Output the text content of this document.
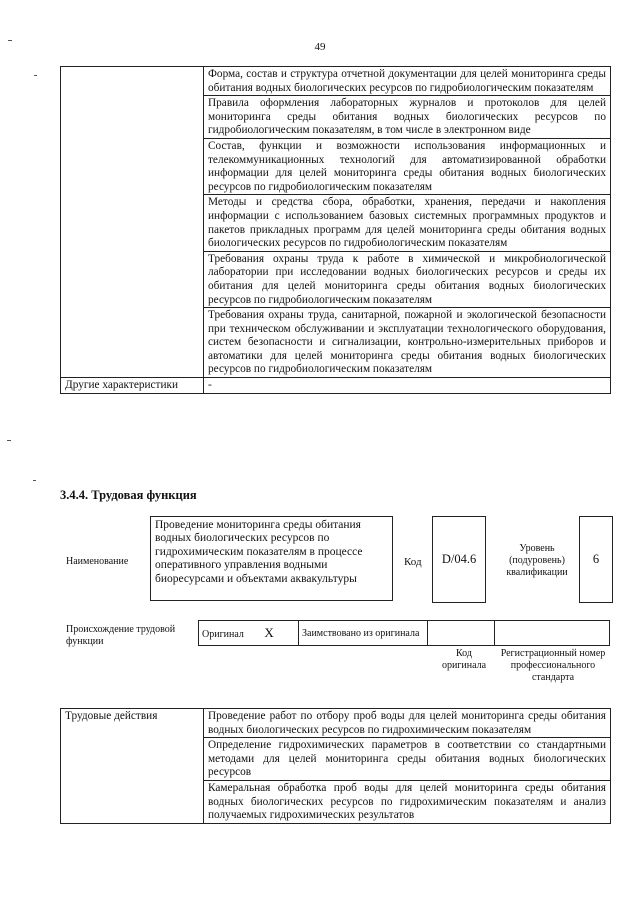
49
	Форма, состав и структура отчетной документации для целей мониторинга среды обитания водных биологических ресурсов по гидробиологическим показателям
	Правила оформления лабораторных журналов и протоколов для целей мониторинга среды обитания водных биологических ресурсов по гидробиологическим показателям, в том числе в электронном виде
	Состав, функции и возможности использования информационных и телекоммуникационных технологий для автоматизированной обработки информации для целей мониторинга среды обитания водных биологических ресурсов по гидробиологическим показателям
	Методы и средства сбора, обработки, хранения, передачи и накопления информации с использованием базовых системных программных продуктов и пакетов прикладных программ для целей мониторинга среды обитания водных биологических ресурсов по гидробиологическим показателям
	Требования охраны труда к работе в химической и микробиологической лаборатории при исследовании водных биологических ресурсов и среды их обитания для целей мониторинга среды обитания водных биологических ресурсов по гидробиологическим показателям
	Требования охраны труда, санитарной, пожарной и экологической безопасности при техническом обслуживании и эксплуатации технологического оборудования, систем безопасности и сигнализации, контрольно-измерительных приборов и автоматики для целей мониторинга среды обитания водных биологических ресурсов по гидробиологическим показателям
Другие характеристики	-
3.4.4. Трудовая функция
Наименование
Проведение мониторинга среды обитания водных биологических ресурсов по гидрохимическим показателям в процессе оперативного управления водными биоресурсами и объектами аквакультуры
Код	D/04.6
Уровень (подуровень) квалификации
6
Происхождение трудовой функции
Оригинал X	Заимствовано из оригинала		
Код оригинала
Регистрационный номер профессионального стандарта
Трудовые действия	Проведение работ по отбору проб воды для целей мониторинга среды обитания водных биологических ресурсов по гидрохимическим показателям
Определение гидрохимических параметров в соответствии со стандартными методами для целей мониторинга среды обитания водных биологических ресурсов
Камеральная обработка проб воды для целей мониторинга среды обитания водных биологических ресурсов по гидрохимическим показателям и анализ получаемых гидрохимических результатов
